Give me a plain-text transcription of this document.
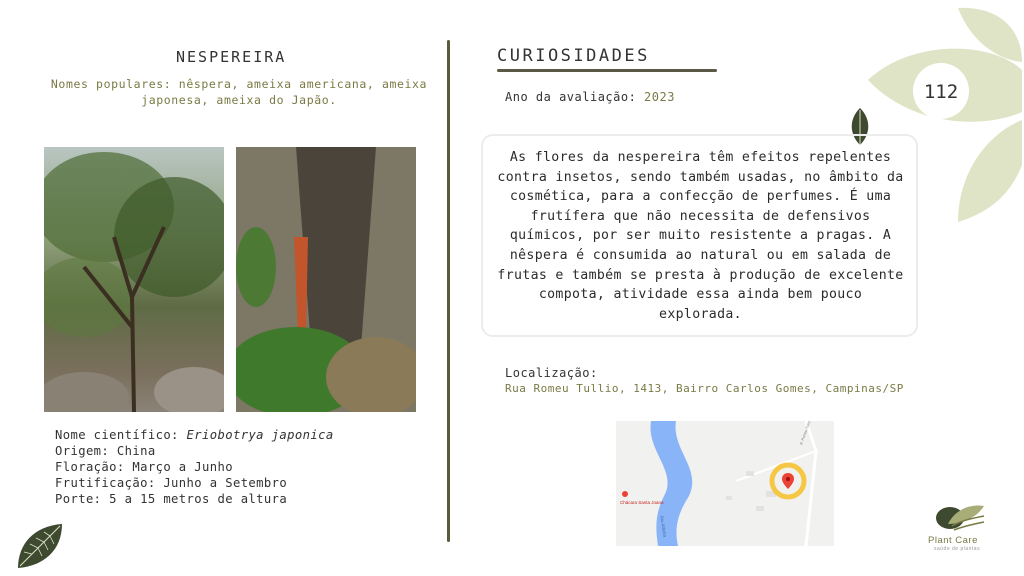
112
NESPEREIRA
Nomes populares: nêspera, ameixa americana, ameixa japonesa, ameixa do Japão.
Nome científico: Eriobotrya japonica
Origem: China
Floração: Março a Junho
Frutificação: Junho a Setembro
Porte: 5 a 15 metros de altura
CURIOSIDADES
Ano da avaliação: 2023
As flores da nespereira têm efeitos repelentes contra insetos, sendo também usadas, no âmbito da cosmética, para a confecção de perfumes. É uma frutífera que não necessita de defensivos químicos, por ser muito resistente a pragas. A nêspera é consumida ao natural ou em salada de frutas e também se presta à produção de excelente compota, atividade essa ainda bem pouco explorada.
Localização:
Rua Romeu Tullio, 1413, Bairro Carlos Gomes, Campinas/SP
Chácara Santa Joana
Rio Atibaia
R. Romeu Tullio
Plant Care
saúde de plantas
